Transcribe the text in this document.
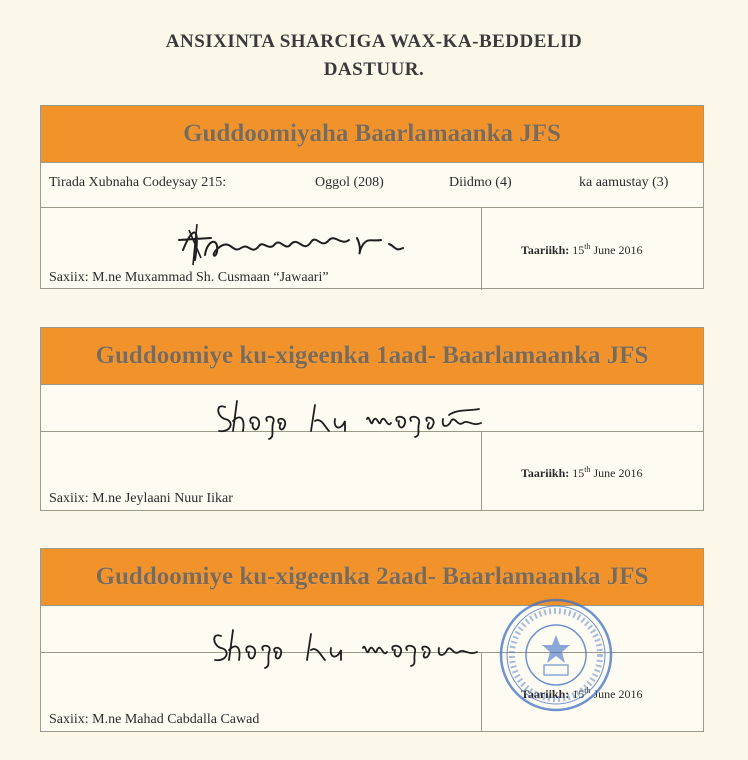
ANSIXINTA SHARCIGA WAX-KA-BEDDELID
DASTUUR.
Guddoomiyaha Baarlamaanka JFS
Tirada Xubnaha Codeysay 215:	Oggol (208)	Diidmo (4)	ka aamustay (3)
Saxiix: M.ne Muxammad Sh. Cusmaan “Jawaari”
Taariikh: 15th June 2016
Guddoomiye ku-xigeenka 1aad- Baarlamaanka JFS
Saxiix: M.ne Jeylaani Nuur Iikar
Taariikh: 15th June 2016
Guddoomiye ku-xigeenka 2aad- Baarlamaanka JFS
Saxiix: M.ne Mahad Cabdalla Cawad
Taariikh: 15th June 2016
